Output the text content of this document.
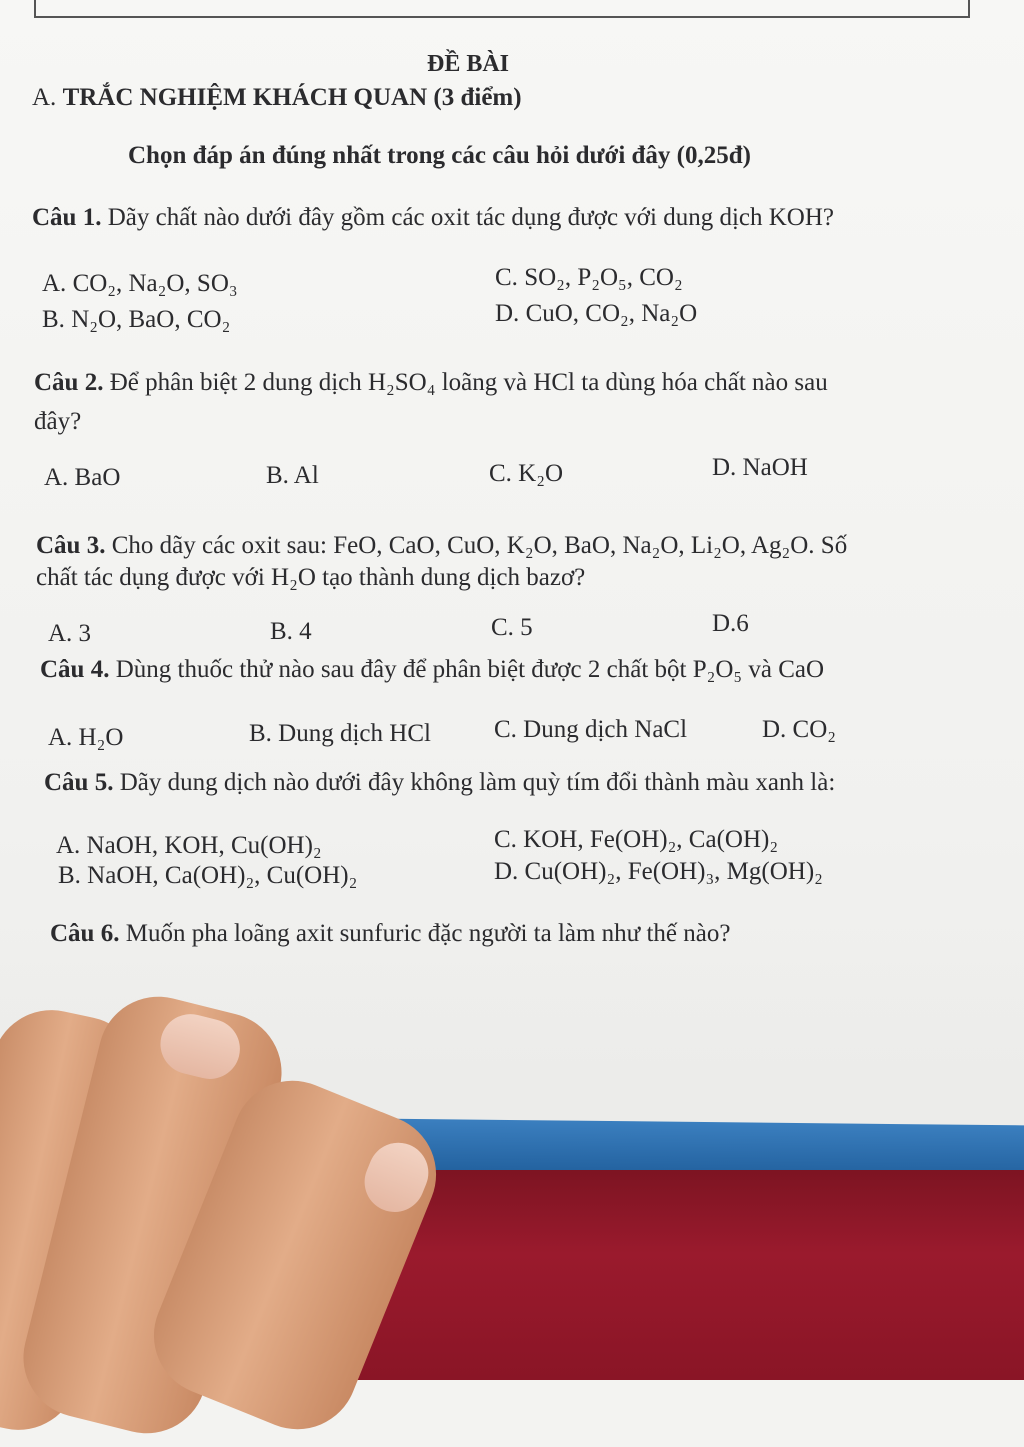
ĐỀ BÀI
A. TRẮC NGHIỆM KHÁCH QUAN (3 điểm)
Chọn đáp án đúng nhất trong các câu hỏi dưới đây (0,25đ)
Câu 1. Dãy chất nào dưới đây gồm các oxit tác dụng được với dung dịch KOH?
A. CO₂, Na₂O, SO₃
B. N₂O, BaO, CO₂
C. SO₂, P₂O₅, CO₂
D. CuO, CO₂, Na₂O
Câu 2. Để phân biệt 2 dung dịch H₂SO₄ loãng và HCl ta dùng hóa chất nào sau
đây?
A. BaO	B. Al	C. K₂O	D. NaOH
Câu 3. Cho dãy các oxit sau: FeO, CaO, CuO, K₂O, BaO, Na₂O, Li₂O, Ag₂O. Số
chất tác dụng được với H₂O tạo thành dung dịch bazơ?
A. 3	B. 4	C. 5	D.6
Câu 4. Dùng thuốc thử nào sau đây để phân biệt được 2 chất bột P₂O₅ và CaO
A. H₂O	B. Dung dịch HCl	C. Dung dịch NaCl	D. CO₂
Câu 5. Dãy dung dịch nào dưới đây không làm quỳ tím đổi thành màu xanh là:
A. NaOH, KOH, Cu(OH)₂
B. NaOH, Ca(OH)₂, Cu(OH)₂
C. KOH, Fe(OH)₂, Ca(OH)₂
D. Cu(OH)₂, Fe(OH)₃, Mg(OH)₂
Câu 6. Muốn pha loãng axit sunfuric đặc người ta làm như thế nào?
